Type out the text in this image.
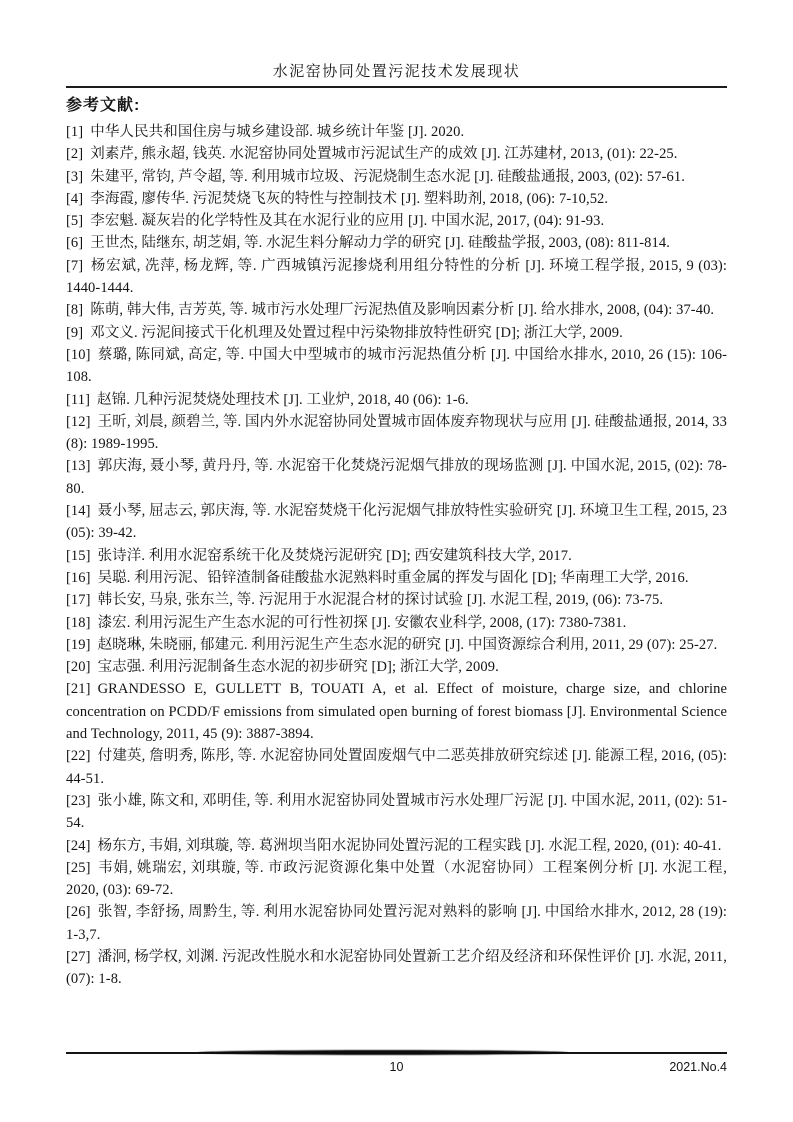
水泥窑协同处置污泥技术发展现状
参考文献:

[1] 中华人民共和国住房与城乡建设部. 城乡统计年鉴 [J]. 2020.

[2] 刘素芹, 熊永超, 钱英. 水泥窑协同处置城市污泥试生产的成效 [J]. 江苏建材, 2013, (01): 22-25.

[3] 朱建平, 常钧, 芦令超, 等. 利用城市垃圾、污泥烧制生态水泥 [J]. 硅酸盐通报, 2003, (02): 57-61.

[4] 李海霞, 廖传华. 污泥焚烧飞灰的特性与控制技术 [J]. 塑料助剂, 2018, (06): 7-10,52.

[5] 李宏魁. 凝灰岩的化学特性及其在水泥行业的应用 [J]. 中国水泥, 2017, (04): 91-93.

[6] 王世杰, 陆继东, 胡芝娟, 等. 水泥生料分解动力学的研究 [J]. 硅酸盐学报, 2003, (08): 811-814.

[7] 杨宏斌, 冼萍, 杨龙辉, 等. 广西城镇污泥掺烧利用组分特性的分析 [J]. 环境工程学报, 2015, 9 (03): 1440-1444.

[8] 陈萌, 韩大伟, 吉芳英, 等. 城市污水处理厂污泥热值及影响因素分析 [J]. 给水排水, 2008, (04): 37-40.

[9] 邓文义. 污泥间接式干化机理及处置过程中污染物排放特性研究 [D]; 浙江大学, 2009.

[10] 蔡璐, 陈同斌, 高定, 等. 中国大中型城市的城市污泥热值分析 [J]. 中国给水排水, 2010, 26 (15): 106-108.

[11] 赵锦. 几种污泥焚烧处理技术 [J]. 工业炉, 2018, 40 (06): 1-6.

[12] 王昕, 刘晨, 颜碧兰, 等. 国内外水泥窑协同处置城市固体废弃物现状与应用 [J]. 硅酸盐通报, 2014, 33 (8): 1989-1995.

[13] 郭庆海, 聂小琴, 黄丹丹, 等. 水泥窑干化焚烧污泥烟气排放的现场监测 [J]. 中国水泥, 2015, (02): 78-80.

[14] 聂小琴, 屈志云, 郭庆海, 等. 水泥窑焚烧干化污泥烟气排放特性实验研究 [J]. 环境卫生工程, 2015, 23 (05): 39-42.

[15] 张诗洋. 利用水泥窑系统干化及焚烧污泥研究 [D]; 西安建筑科技大学, 2017.

[16] 吴聪. 利用污泥、铅锌渣制备硅酸盐水泥熟料时重金属的挥发与固化 [D]; 华南理工大学, 2016.

[17] 韩长安, 马泉, 张东兰, 等. 污泥用于水泥混合材的探讨试验 [J]. 水泥工程, 2019, (06): 73-75.

[18] 漆宏. 利用污泥生产生态水泥的可行性初探 [J]. 安徽农业科学, 2008, (17): 7380-7381.

[19] 赵晓琳, 朱晓丽, 郁建元. 利用污泥生产生态水泥的研究 [J]. 中国资源综合利用, 2011, 29 (07): 25-27.

[20] 宝志强. 利用污泥制备生态水泥的初步研究 [D]; 浙江大学, 2009.

[21] GRANDESSO E, GULLETT B, TOUATI A, et al. Effect of moisture, charge size, and chlorine concentration on PCDD/F emissions from simulated open burning of forest biomass [J]. Environmental Science and Technology, 2011, 45 (9): 3887-3894.

[22] 付建英, 詹明秀, 陈彤, 等. 水泥窑协同处置固废烟气中二恶英排放研究综述 [J]. 能源工程, 2016, (05): 44-51.

[23] 张小雄, 陈文和, 邓明佳, 等. 利用水泥窑协同处置城市污水处理厂污泥 [J]. 中国水泥, 2011, (02): 51-54.

[24] 杨东方, 韦娟, 刘琪璇, 等. 葛洲坝当阳水泥协同处置污泥的工程实践 [J]. 水泥工程, 2020, (01): 40-41.

[25] 韦娟, 姚瑞宏, 刘琪璇, 等. 市政污泥资源化集中处置（水泥窑协同）工程案例分析 [J]. 水泥工程, 2020, (03): 69-72.

[26] 张智, 李舒扬, 周黔生, 等. 利用水泥窑协同处置污泥对熟料的影响 [J]. 中国给水排水, 2012, 28 (19): 1-3,7.

[27] 潘泂, 杨学权, 刘渊. 污泥改性脱水和水泥窑协同处置新工艺介绍及经济和环保性评价 [J]. 水泥, 2011, (07): 1-8.

10	2021.No.4
